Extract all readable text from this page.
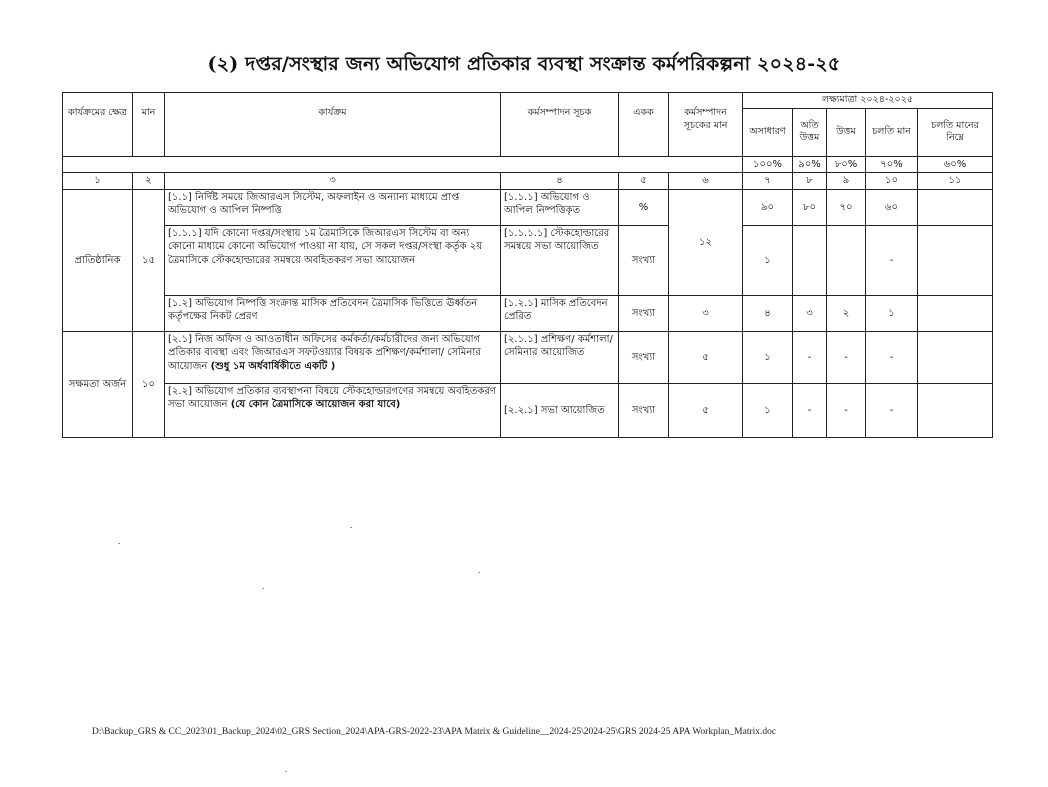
(২) দপ্তর/সংস্থার জন্য অভিযোগ প্রতিকার ব্যবস্থা সংক্রান্ত কর্মপরিকল্পনা ২০২৪-২৫
কার্যক্রমের ক্ষেত্র	মান	কার্যক্রম	কর্মসম্পাদন সূচক	একক	কর্মসম্পাদন সূচকের মান	লক্ষ্যমাত্রা ২০২৪-২০২৫				
						অসাধারণ	অতি উত্তম	উত্তম	চলতি মান	চলতি মানের নিম্নে
						১০০%	৯০%	৮০%	৭০%	৬০%
১	২	৩	৪	৫	৬	৭	৮	৯	১০	১১
প্রাতিষ্ঠানিক	১৫	[১.১] নির্দিষ্ট সময়ে জিআরএস সিস্টেম, অফলাইন ও অন্যান্য মাধ্যমে প্রাপ্ত অভিযোগ ও আপিল নিষ্পত্তি	[১.১.১] অভিযোগ ও আপিল নিষ্পত্তিকৃত	%	১২	৯০	৮০	৭০	৬০	
		[১.১.১] যদি কোনো দপ্তর/সংস্থায় ১ম ত্রৈমাসিকে জিআরএস সিস্টেম বা অন্য কোনো মাধ্যমে কোনো অভিযোগ পাওয়া না যায়, সে সকল দপ্তর/সংস্থা কর্তৃক ২য় ত্রৈমাসিকে স্টেকহোল্ডারের সমন্বয়ে অবহিতকরণ সভা আয়োজন	[১.১.১.১] স্টেকহোল্ডারের সমন্বয়ে সভা আয়োজিত	সংখ্যা		১			-	
		[১.২] অভিযোগ নিষ্পত্তি সংক্রান্ত মাসিক প্রতিবেদন ত্রৈমাসিক ভিত্তিতে ঊর্ধ্বতন কর্তৃপক্ষের নিকট প্রেরণ	[১.২.১] মাসিক প্রতিবেদন প্রেরিত	সংখ্যা	৩	৪	৩	২	১	
সক্ষমতা অর্জন	১০	[২.১] নিজ অফিস ও আওতাধীন অফিসের কর্মকর্তা/কর্মচারীদের জন্য অভিযোগ প্রতিকার ব্যবস্থা এবং জিআরএস সফটওয়্যার বিষয়ক প্রশিক্ষণ/কর্মশালা/ সেমিনার আয়োজন (শুধু ১ম অর্ধবার্ষিকীতে একটি )	[২.১.১] প্রশিক্ষণ/ কর্মশালা/সেমিনার আয়োজিত	সংখ্যা	৫	১	-	-	-	
		[২.২] অভিযোগ প্রতিকার ব্যবস্থাপনা বিষয়ে স্টেকহোল্ডারগণের সমন্বয়ে অবহিতকরণ সভা আয়োজন (যে কোন ত্রৈমাসিকে আয়োজন করা যাবে)	[২.২.১] সভা আয়োজিত	সংখ্যা	৫	১	-	-	-	
D:\Backup_GRS & CC_2023\01_Backup_2024\02_GRS Section_2024\APA-GRS-2022-23\APA Matrix & Guideline__2024-25\2024-25\GRS 2024-25 APA Workplan_Matrix.doc
